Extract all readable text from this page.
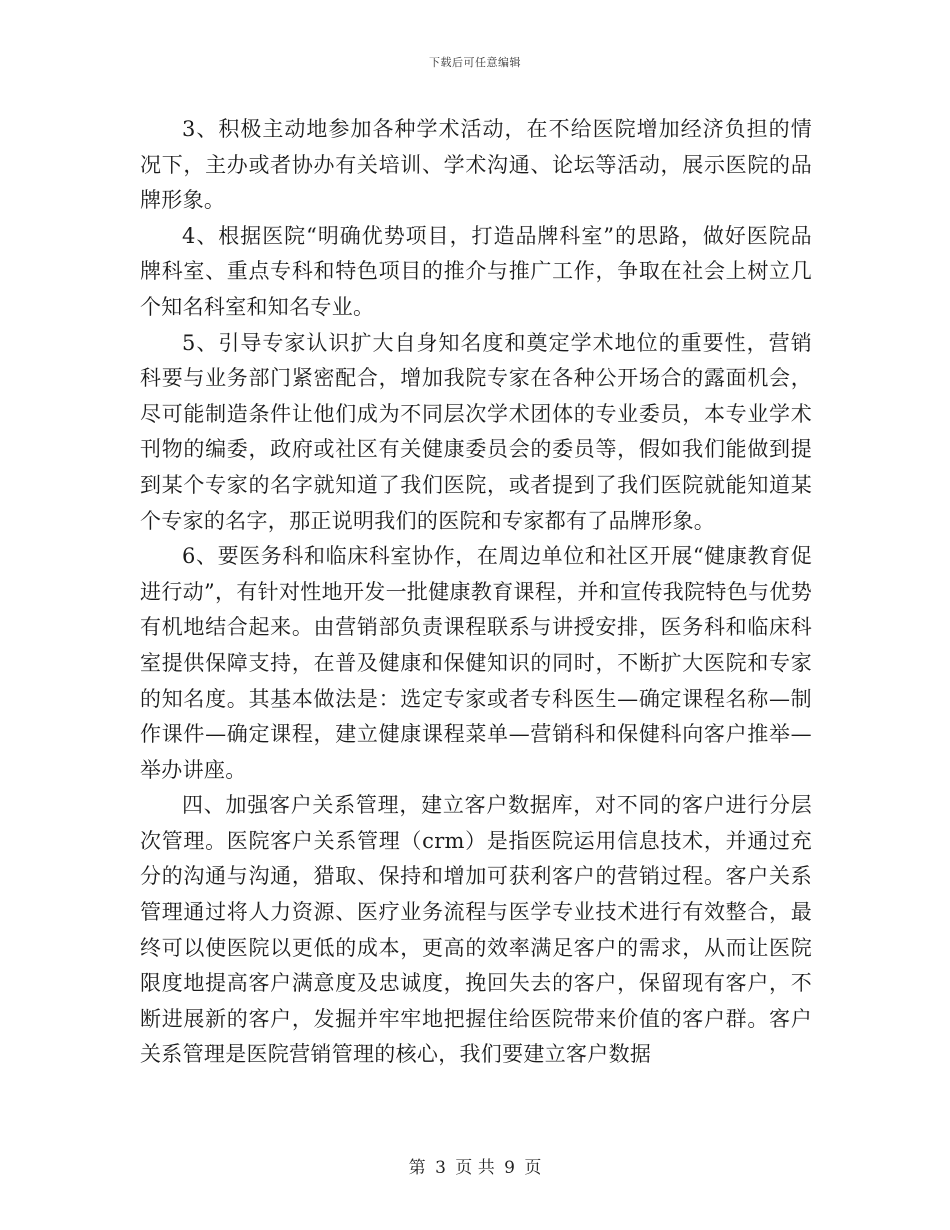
下载后可任意编辑

3、积极主动地参加各种学术活动，在不给医院增加经济负担的情况下，主办或者协办有关培训、学术沟通、论坛等活动，展示医院的品牌形象。

4、根据医院“明确优势项目，打造品牌科室”的思路，做好医院品牌科室、重点专科和特色项目的推介与推广工作，争取在社会上树立几个知名科室和知名专业。

5、引导专家认识扩大自身知名度和奠定学术地位的重要性，营销科要与业务部门紧密配合，增加我院专家在各种公开场合的露面机会，尽可能制造条件让他们成为不同层次学术团体的专业委员，本专业学术刊物的编委，政府或社区有关健康委员会的委员等，假如我们能做到提到某个专家的名字就知道了我们医院，或者提到了我们医院就能知道某个专家的名字，那正说明我们的医院和专家都有了品牌形象。

6、要医务科和临床科室协作，在周边单位和社区开展“健康教育促进行动”，有针对性地开发一批健康教育课程，并和宣传我院特色与优势有机地结合起来。由营销部负责课程联系与讲授安排，医务科和临床科室提供保障支持，在普及健康和保健知识的同时，不断扩大医院和专家的知名度。其基本做法是：选定专家或者专科医生—确定课程名称—制作课件—确定课程，建立健康课程菜单—营销科和保健科向客户推举—举办讲座。

四、加强客户关系管理，建立客户数据库，对不同的客户进行分层次管理。医院客户关系管理（crm）是指医院运用信息技术，并通过充分的沟通与沟通，猎取、保持和增加可获利客户的营销过程。客户关系管理通过将人力资源、医疗业务流程与医学专业技术进行有效整合，最终可以使医院以更低的成本，更高的效率满足客户的需求，从而让医院限度地提高客户满意度及忠诚度，挽回失去的客户，保留现有客户，不断进展新的客户，发掘并牢牢地把握住给医院带来价值的客户群。客户关系管理是医院营销管理的核心，我们要建立客户数据

第 3 页 共 9 页
